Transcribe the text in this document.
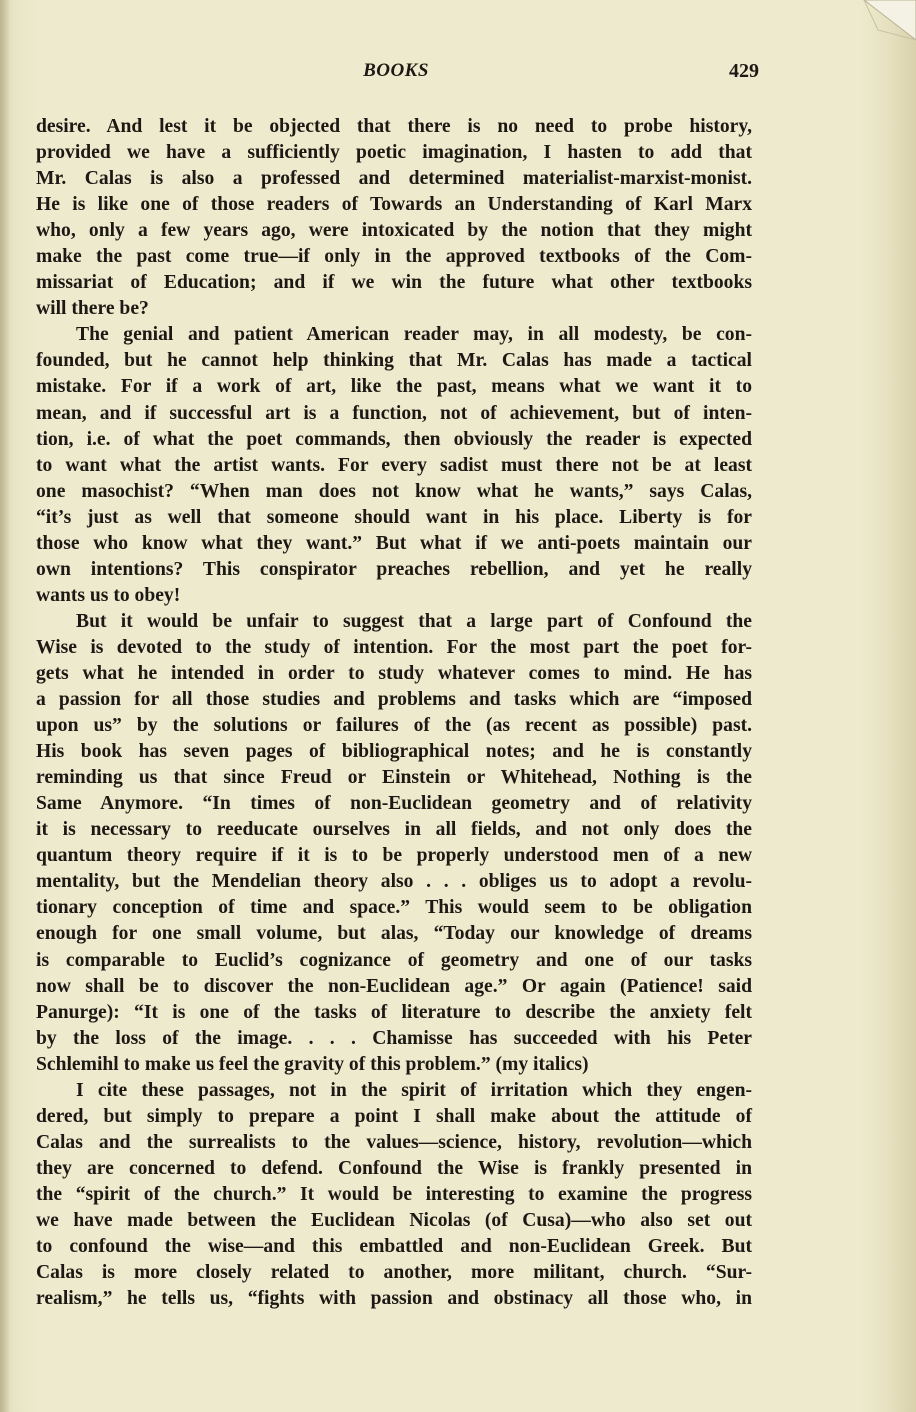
BOOKS	429
desire. And lest it be objected that there is no need to probe history,
provided we have a sufficiently poetic imagination, I hasten to add that
Mr. Calas is also a professed and determined materialist-marxist-monist.
He is like one of those readers of Towards an Understanding of Karl Marx
who, only a few years ago, were intoxicated by the notion that they might
make the past come true—if only in the approved textbooks of the Com-
missariat of Education; and if we win the future what other textbooks
will there be?
The genial and patient American reader may, in all modesty, be con-
founded, but he cannot help thinking that Mr. Calas has made a tactical
mistake. For if a work of art, like the past, means what we want it to
mean, and if successful art is a function, not of achievement, but of inten-
tion, i.e. of what the poet commands, then obviously the reader is expected
to want what the artist wants. For every sadist must there not be at least
one masochist? “When man does not know what he wants,” says Calas,
“it’s just as well that someone should want in his place. Liberty is for
those who know what they want.” But what if we anti-poets maintain our
own intentions? This conspirator preaches rebellion, and yet he really
wants us to obey!
But it would be unfair to suggest that a large part of Confound the
Wise is devoted to the study of intention. For the most part the poet for-
gets what he intended in order to study whatever comes to mind. He has
a passion for all those studies and problems and tasks which are “imposed
upon us” by the solutions or failures of the (as recent as possible) past.
His book has seven pages of bibliographical notes; and he is constantly
reminding us that since Freud or Einstein or Whitehead, Nothing is the
Same Anymore. “In times of non-Euclidean geometry and of relativity
it is necessary to reeducate ourselves in all fields, and not only does the
quantum theory require if it is to be properly understood men of a new
mentality, but the Mendelian theory also . . . obliges us to adopt a revolu-
tionary conception of time and space.” This would seem to be obligation
enough for one small volume, but alas, “Today our knowledge of dreams
is comparable to Euclid’s cognizance of geometry and one of our tasks
now shall be to discover the non-Euclidean age.” Or again (Patience! said
Panurge): “It is one of the tasks of literature to describe the anxiety felt
by the loss of the image. . . . Chamisse has succeeded with his Peter
Schlemihl to make us feel the gravity of this problem.” (my italics)
I cite these passages, not in the spirit of irritation which they engen-
dered, but simply to prepare a point I shall make about the attitude of
Calas and the surrealists to the values—science, history, revolution—which
they are concerned to defend. Confound the Wise is frankly presented in
the “spirit of the church.” It would be interesting to examine the progress
we have made between the Euclidean Nicolas (of Cusa)—who also set out
to confound the wise—and this embattled and non-Euclidean Greek. But
Calas is more closely related to another, more militant, church. “Sur-
realism,” he tells us, “fights with passion and obstinacy all those who, in
